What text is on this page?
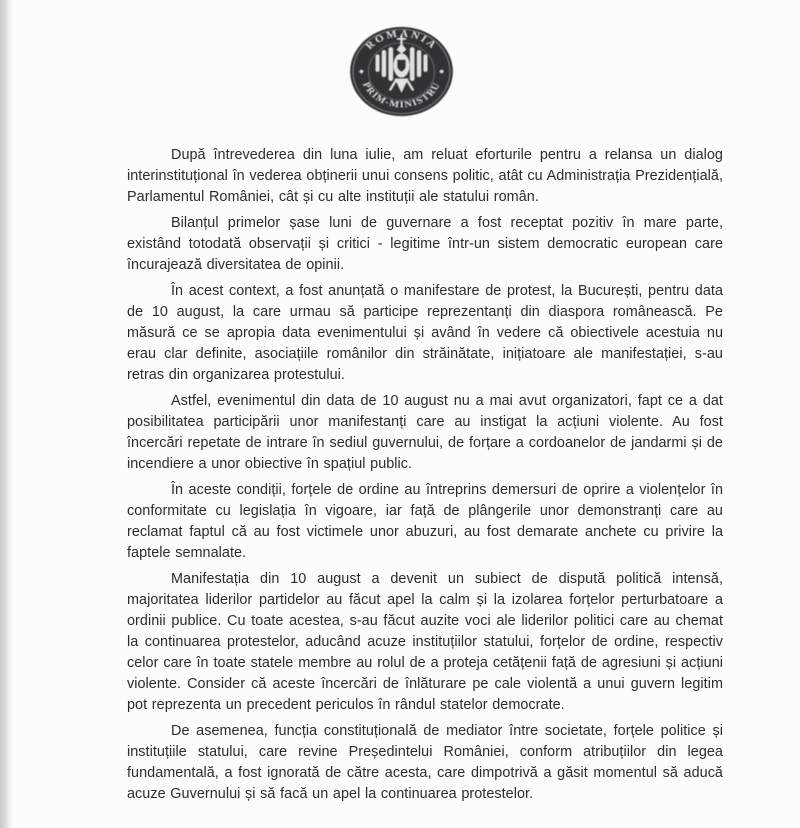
ROMANIA
PRIM-MINISTRU

După întrevederea din luna iulie, am reluat eforturile pentru a relansa un dialog interinstituțional în vederea obținerii unui consens politic, atât cu Administrația Prezidențială, Parlamentul României, cât și cu alte instituții ale statului român.

Bilanțul primelor șase luni de guvernare a fost receptat pozitiv în mare parte, existând totodată observații și critici - legitime într-un sistem democratic european care încurajează diversitatea de opinii.

În acest context, a fost anunțată o manifestare de protest, la București, pentru data de 10 august, la care urmau să participe reprezentanți din diaspora românească. Pe măsură ce se apropia data evenimentului și având în vedere că obiectivele acestuia nu erau clar definite, asociațiile românilor din străinătate, inițiatoare ale manifestației, s-au retras din organizarea protestului.

Astfel, evenimentul din data de 10 august nu a mai avut organizatori, fapt ce a dat posibilitatea participării unor manifestanți care au instigat la acțiuni violente. Au fost încercări repetate de intrare în sediul guvernului, de forțare a cordoanelor de jandarmi și de incendiere a unor obiective în spațiul public.

În aceste condiții, forțele de ordine au întreprins demersuri de oprire a violențelor în conformitate cu legislația în vigoare, iar față de plângerile unor demonstranți care au reclamat faptul că au fost victimele unor abuzuri, au fost demarate anchete cu privire la faptele semnalate.

Manifestația din 10 august a devenit un subiect de dispută politică intensă, majoritatea liderilor partidelor au făcut apel la calm și la izolarea forțelor perturbatoare a ordinii publice. Cu toate acestea, s-au făcut auzite voci ale liderilor politici care au chemat la continuarea protestelor, aducând acuze instituțiilor statului, forțelor de ordine, respectiv celor care în toate statele membre au rolul de a proteja cetățenii față de agresiuni și acțiuni violente. Consider că aceste încercări de înlăturare pe cale violentă a unui guvern legitim pot reprezenta un precedent periculos în rândul statelor democrate.

De asemenea, funcția constituțională de mediator între societate, forțele politice și instituțiile statului, care revine Președintelui României, conform atribuțiilor din legea fundamentală, a fost ignorată de către acesta, care dimpotrivă a găsit momentul să aducă acuze Guvernului și să facă un apel la continuarea protestelor.
